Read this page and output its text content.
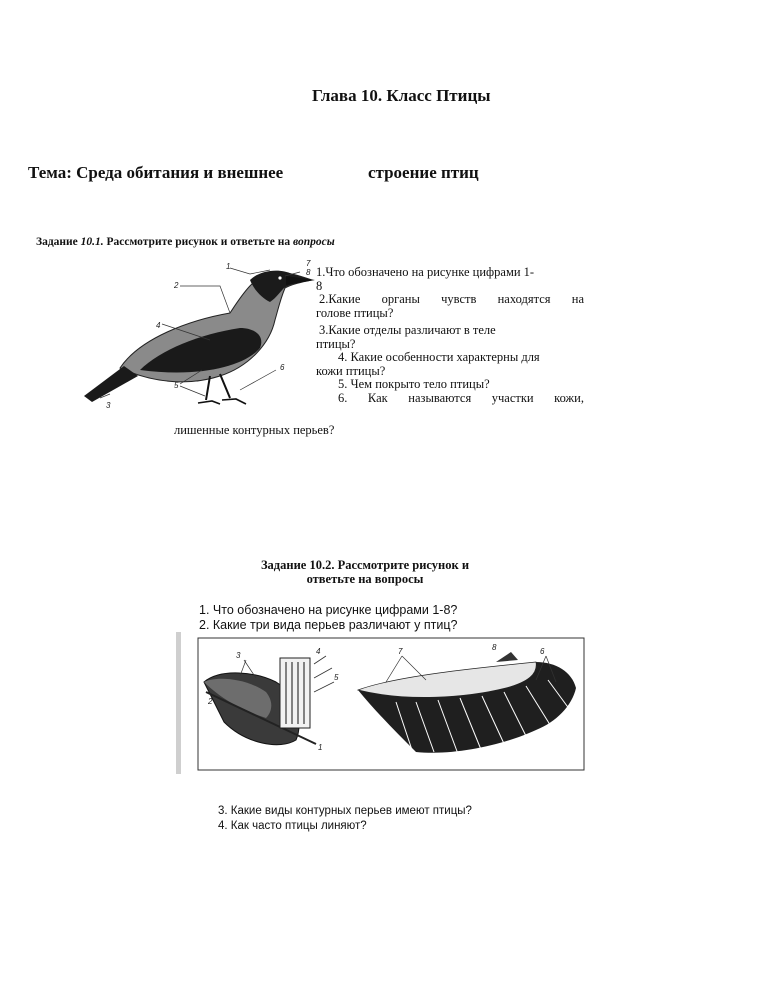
Глава 10. Класс Птицы
Тема: Среда обитания и внешнее	строение птиц
Задание 10.1. Рассмотрите рисунок и ответьте на вопросы
1
2
3
4
5
6
7
8 1.Что обозначено на рисунке цифрами 1-

8

2.Какие органы чувств находятся на

голове птицы?

3.Какие отделы различают в теле

птицы?

4. Какие особенности характерны для

кожи птицы?

5. Чем покрыто тело птицы?

6. Как называются участки кожи,

лишенные контурных перьев?
Задание 10.2. Рассмотрите рисунок и
ответьте на вопросы
1. Что обозначено на рисунке цифрами 1-8?
2. Какие три вида перьев различают у птиц?
1
2
3	4
5
6
7	8
3. Какие виды контурных перьев имеют птицы?
4. Как часто птицы линяют?
